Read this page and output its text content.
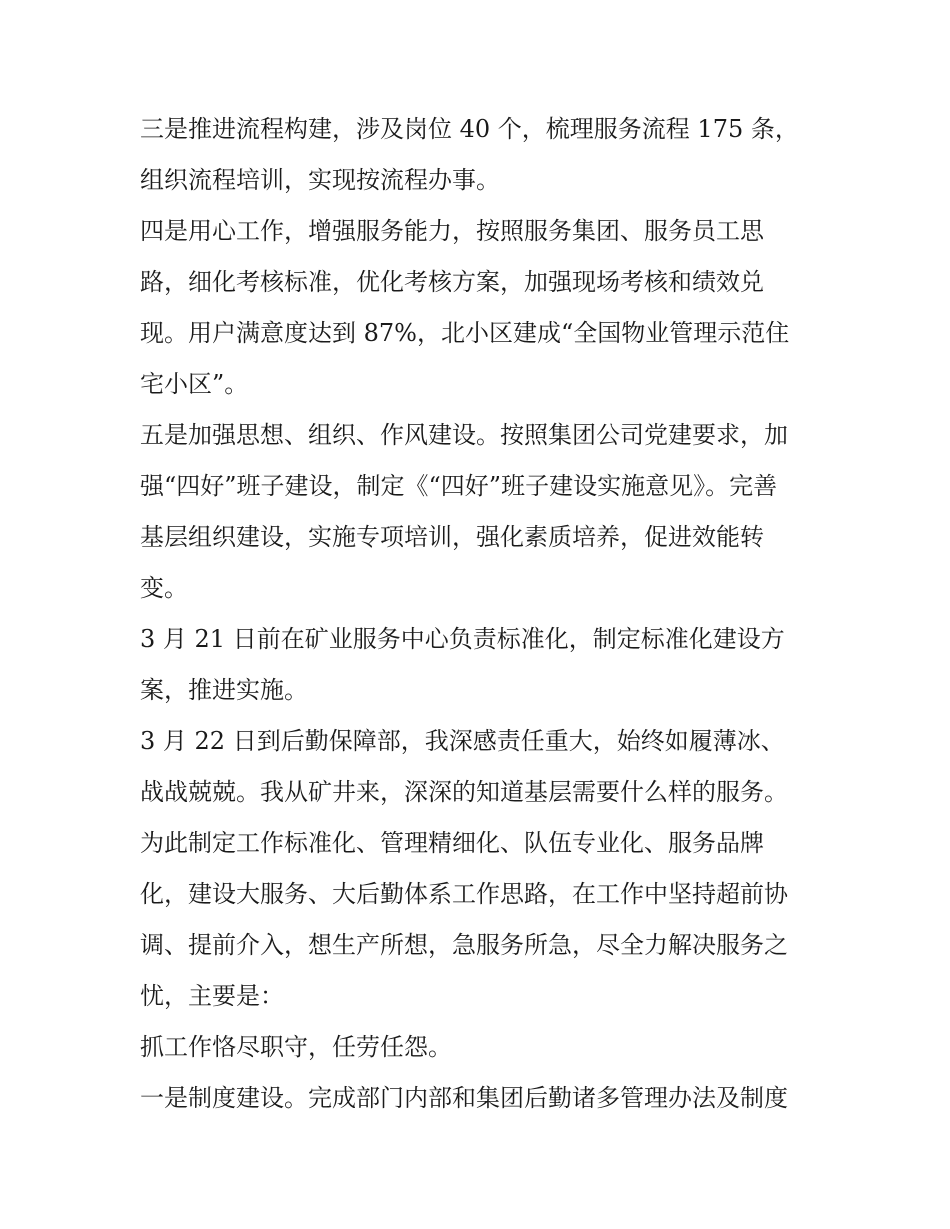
三是推进流程构建，涉及岗位 40 个，梳理服务流程 175 条，
组织流程培训，实现按流程办事。
四是用心工作，增强服务能力，按照服务集团、服务员工思
路，细化考核标准，优化考核方案，加强现场考核和绩效兑
现。用户满意度达到 87%，北小区建成“全国物业管理示范住
宅小区”。
五是加强思想、组织、作风建设。按照集团公司党建要求，加
强“四好”班子建设，制定《“四好”班子建设实施意见》。完善
基层组织建设，实施专项培训，强化素质培养，促进效能转
变。
3 月 21 日前在矿业服务中心负责标准化，制定标准化建设方
案，推进实施。
3 月 22 日到后勤保障部，我深感责任重大，始终如履薄冰、
战战兢兢。我从矿井来，深深的知道基层需要什么样的服务。
为此制定工作标准化、管理精细化、队伍专业化、服务品牌
化，建设大服务、大后勤体系工作思路，在工作中坚持超前协
调、提前介入，想生产所想，急服务所急，尽全力解决服务之
忧，主要是：
抓工作恪尽职守，任劳任怨。
一是制度建设。完成部门内部和集团后勤诸多管理办法及制度
